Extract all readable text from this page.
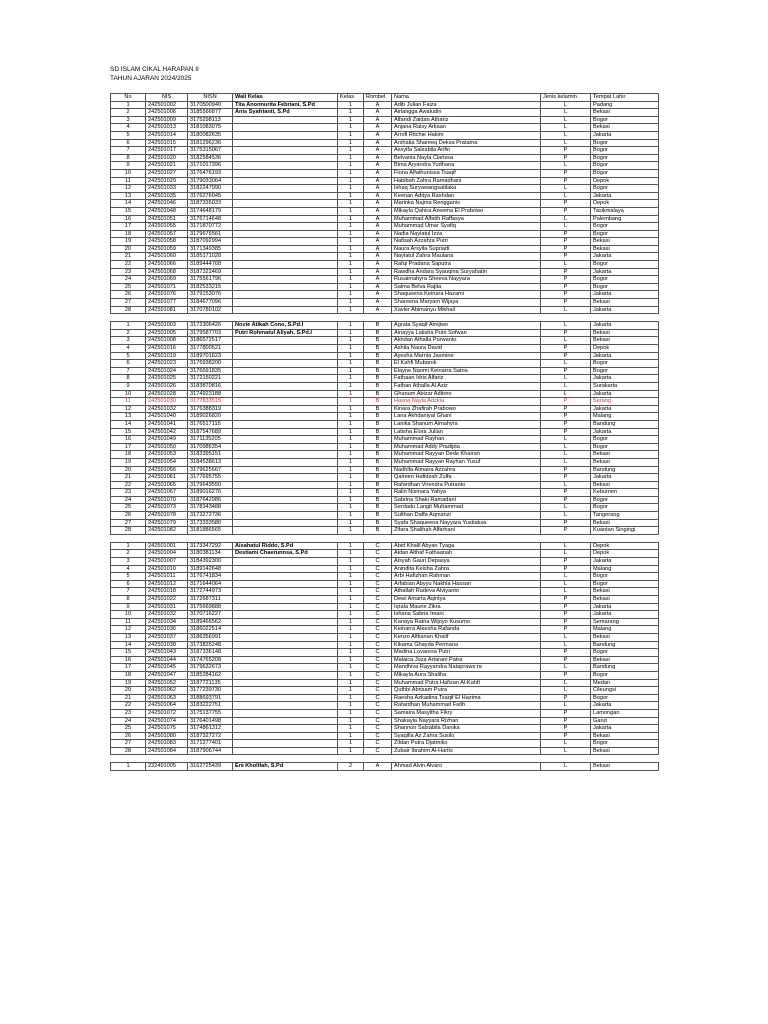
SD ISLAM CIKAL HARAPAN II
TAHUN AJARAN 2024/2025
No	NIS	NISN	Wali Kelas	Kelas	Rombel	Nama	Jenis kelamin	Tempat Lahir
1	242501002	3170500940	Tita Anonnurita Febriani, S.Pd	1	A	Adib Julian Faiza	L	Padang
2	242501006	3185566877	Anis Syafrianti, S.Pd	1	A	Airlangga Awaludin	L	Bekasi
3	242501009	3175298113		1	A	Alfandi Zaidan Athariz	L	Bogor
4	242501013	3181083075		1	A	Anjana Raisy Arkaan	L	Bekasi
5	242501014	3180082635		1	A	Arrofi Ritchie Hakim	L	Jakarta
6	242501015	3181296236		1	A	Arshaka Shareeq Deksa Pratama	L	Bogor
7	242501017	3175315067		1	A	Assyifa Salsabila Arifin	P	Bogor
8	242501020	3182584536		1	A	Belvania Nayla Clarissa	P	Bogor
9	242501021	3171017396		1	A	Bima Aryandra Yudhana	L	Bogor
10	242501027	3176476193		1	A	Fiona Alfathunissa Tsaqif	P	Bogor
11	242501029	3179033064		1	A	Habibah Zahra Ramadhani	P	Depok
12	242501033	3182247990		1	A	Ishaq Suryawangsatilaka	L	Bogor
13	242501035	3176276045		1	A	Keenan Aditya Rashdan	L	Jakarta
14	242501046	3187335033		1	A	Marinka Najma Rengganis	P	Depok
15	242501048	3174648179		1	A	Mikayla Qahira Azeema El Prabowo	P	Tasikmalaya
16	242501051	3176714648		1	A	Muhammad Alfatih Raffasya	L	Palembang
17	242501055	3171870772		1	A	Muhammad Umar Syafiq	L	Bogor
18	242501057	3179676561		1	A	Nadia Naylatul Izza	P	Bogor
19	242501058	3187092994		1	A	Nafisah Azzahra Putri	P	Bekasi
20	242501059	3171349385		1	A	Naura Arsyila Supriadi	P	Bekasi
21	242501060	3185171028		1	A	Naylatul Zahra Maulana	P	Jakarta
22	242501066	3189444768		1	A	Rafqi Pradana Saputra	L	Bogor
23	242501068	3187322469		1	A	Rawdha Andara Syauqina Suryahatin	P	Jakarta
24	242501069	3175561796		1	A	Rusaimahyra Sheeva Nayyara	P	Bogor
25	242501071	3182533215		1	A	Salma Belva Rajita	P	Bogor
26	242501076	3179153076		1	A	Shaqueena Keinara Hazami	P	Jakarta
27	242501077	3184677096		1	A	Shareena Maryam Wijaya	P	Bekasi
28	242501081	3170780102		1	A	Xavier Abimanyu Mikhail	L	Jakarta

1	242501003	3172306426	Novie Atikah Cono, S.Pd.I	1	B	Agrata Syaqif Amijiwo	L	Jakarta
2	242501005	3179587703	Putri Rohmatul Aliyah, S.Pd.I	1	B	Ainayya Latisha Putri Sofwan	P	Bekasi
3	242501008	3186572517		1	B	Akhdan Athalla Purwanto	L	Bekasi
4	242501016	3177800521		1	B	Ashila Naura David	P	Depok
5	242501019	3189701623		1	B	Ayesha Marnia Jasmine	P	Jakarta
6	242501023	3176938200		1	B	El Kahfi Mubarok	L	Bogor
7	242501024	3176691835		1	B	Elayne Naomi Keinarra Satria	P	Bogor
8	242501025	3172150221		1	B	Fathaan Idris Alfariz	L	Jakarta
9	242501026	3183870816		1	B	Fathan Athalla Al Aziz	L	Surakarta
10	242501028	3174923188		1	B	Ghanum Abizar Aditoro	L	Jakarta
11	242501030	3177833515		1	B	Hasna Nayla Adzkia	P	Serang
12	242501032	3176388319		1	B	Kinara Zhafirah Prabowo	P	Jakarta
13	242501040	3189026820		1	B	Lana Akhdaniyal Ghani	P	Malang
14	242501041	3176517115		1	B	Lanika Shanum Almahyra	P	Bandung
15	242501042	3187547689		1	B	Latisha Elora Julian	P	Jakarta
16	242501049	3171135205		1	B	Muhammad Rayhan	L	Bogor
17	242501050	3170986354		1	B	Muhammad Addy Pradipta	L	Bogor
18	242501053	3183395151		1	B	Muhammad Rayyan Dede Khairan	L	Bekasi
19	242501054	3184538613		1	B	Muhammad Rayyan Rayhan Yusuf	L	Bekasi
20	242501056	3179625667		1	B	Nadhifa Almaira Azzahra	P	Bandung
21	242501061	3177695755		1	B	Qaireen Hafidzah Zulfa	P	Jakarta
22	242501065	3179649550		1	B	Rafardhan Virendra Putranto	L	Bekasi
23	242501067	3189016276		1	B	Ralin Nismara Yahya	P	Kebumen
24	242501070	3187642986		1	B	Sabrina Shaki Ramadani	P	Bogor
25	242501073	3178343488		1	B	Serdadu Langit Muhammad	L	Bogor
26	242501078	3173272736		1	B	Sulthan Daffa Aqmanzi	L	Tangerang
27	242501079	3173333580		1	B	Syafa Shaqueena Nayyara Yustiaksa	P	Bekasi
28	242501082	3181886565		1	B	Zifara Shalihah Alfarhani	P	Kuantan Singingi

1	242501001	3173347292	Aisahatul Riddo, S.Pd	1	C	Abid Khalil Abyan Tyaga	L	Depok
2	242501004	3180381134	Destiami Chaerunnsa, S.Pd	1	C	Aidan Althaf Fathaanah	L	Depok
3	242501007	3184392300		1	C	Aisyah Gauri Depasya	P	Jakarta
4	242501010	3189142648		1	C	Anindita Keisha Zahra	P	Malang
5	242501011	3176741834		1	C	Arbi Hafizhan Rahman	L	Bogor
6	242501012	3171644064		1	C	Arfabian Abyyu Nakhla Hassan	L	Bogor
7	242501018	3172744973		1	C	Athallah Radeva Alviyanto	L	Bekasi
8	242501022	3172687311		1	C	Dewi Amarta Aqintya	P	Bekasi
9	242501031	3175669888		1	C	Iqrala Maurie Zikra	P	Jakarta
10	242501032	3170716227		1	C	Ishana Sabria Imani	P	Jakarta
11	242501034	3189466562		1	C	Kanaya Ratria Wijoyo Kusumo	P	Semarang
12	242501036	3186022514		1	C	Keinarra Aleesha Rafanda	P	Malang
13	242501037	3186356991		1	C	Kenzo Alfkarian Khalif	L	Bekasi
14	242501038	3173835248		1	C	Kikama Ghayda Permana	L	Bandung
15	242501043	3187336148		1	C	Madina Lovaresa Putri	P	Bogor
16	242501044	3174765208		1	C	Malaica Joza Artarani Patra	P	Bekasi
17	242501045	3179632673		1	C	Mandhiva Rayyandra Natapraws ra	L	Bandung
18	242501047	3185284162		1	C	Mikayla Aura Shaliha	P	Bogor
19	242501052	3187721135		1	C	Muhammad Putra Hafizan Al-Kahfi	L	Medan
20	242501062	3177239730		1	C	Quthbi Abrisam Putra	L	Cileungsi
21	242501063	3188693791		1	C	Raesha Azkadina Tsaqif El Hazima	P	Bogor
22	242501064	3183222751		1	C	Rafardhan Muhammad Fatih	L	Jakarta
23	242501072	3175137755		1	C	Samaira Masyitha Fikry	P	Lamongan
24	242501074	3176401498		1	C	Shakayla Nayyara Rizhan	P	Garut
25	242501075	3174861312		1	C	Shannon Salsabila Danika	P	Jakarta
26	242501080	3187327272		1	C	Syaqilla Az Zahra Susilo	P	Bekasi
27	242501083	3171277401		1	C	Zildan Putra Djatmiko	L	Bogor
28	242501084	3187906744		1	C	Zubair Ibrahim Al-Harits	L	Bekasi

1	232401005	3162725439	Eni Kholifah, S.Pd	2	A	Ahmad Alvin Alvaro	L	Bekasi
